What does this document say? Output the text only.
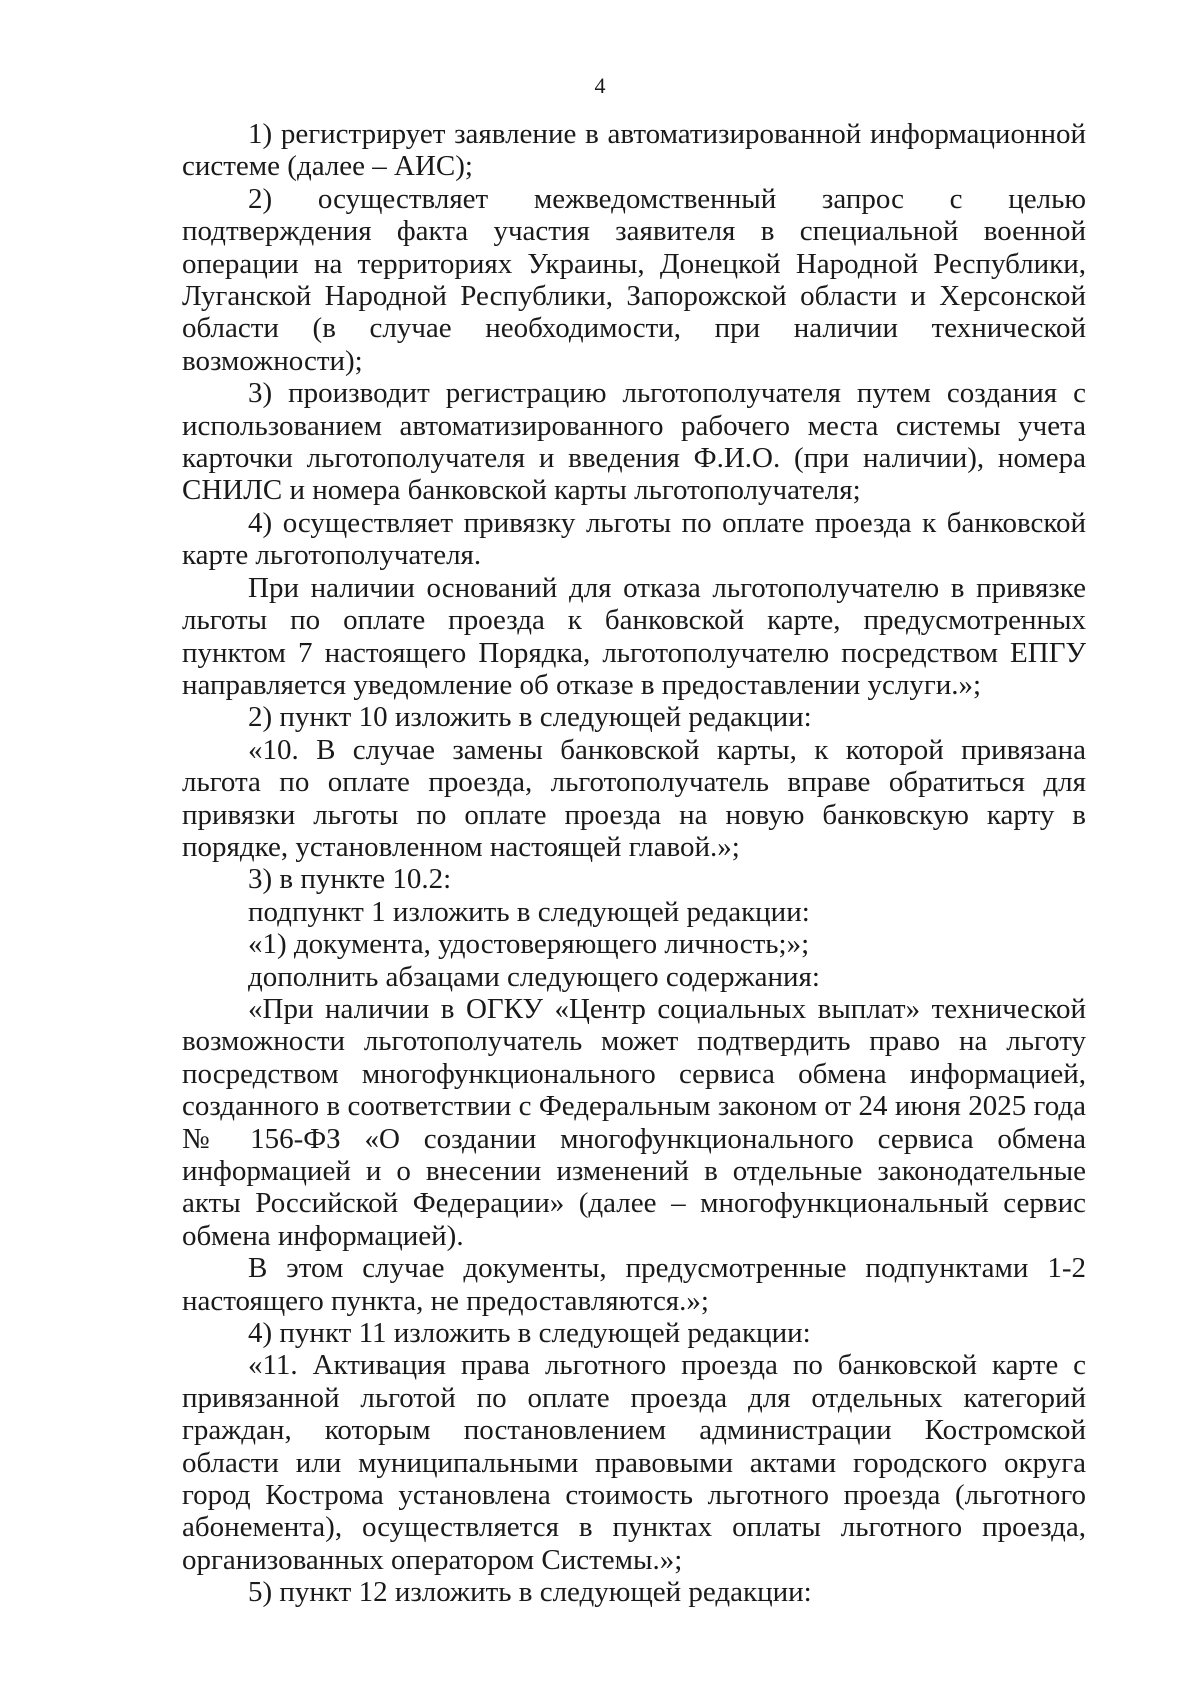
4

1) регистрирует заявление в автоматизированной информационной системе (далее – АИС);

2) осуществляет межведомственный запрос с целью подтверждения факта участия заявителя в специальной военной операции на территориях Украины, Донецкой Народной Республики, Луганской Народной Республики, Запорожской области и Херсонской области (в случае необходимости, при наличии технической возможности);

3) производит регистрацию льготополучателя путем создания с использованием автоматизированного рабочего места системы учета карточки льготополучателя и введения Ф.И.О. (при наличии), номера СНИЛС и номера банковской карты льготополучателя;

4) осуществляет привязку льготы по оплате проезда к банковской карте льготополучателя.

При наличии оснований для отказа льготополучателю в привязке льготы по оплате проезда к банковской карте, предусмотренных пунктом 7 настоящего Порядка, льготополучателю посредством ЕПГУ направляется уведомление об отказе в предоставлении услуги.»;

2) пункт 10 изложить в следующей редакции:

«10. В случае замены банковской карты, к которой привязана льгота по оплате проезда, льготополучатель вправе обратиться для привязки льготы по оплате проезда на новую банковскую карту в порядке, установленном настоящей главой.»;

3) в пункте 10.2:

подпункт 1 изложить в следующей редакции:

«1) документа, удостоверяющего личность;»;

дополнить абзацами следующего содержания:

«При наличии в ОГКУ «Центр социальных выплат» технической возможности льготополучатель может подтвердить право на льготу посредством многофункционального сервиса обмена информацией, созданного в соответствии с Федеральным законом от 24 июня 2025 года № 156-ФЗ «О создании многофункционального сервиса обмена информацией и о внесении изменений в отдельные законодательные акты Российской Федерации» (далее – многофункциональный сервис обмена информацией).

В этом случае документы, предусмотренные подпунктами 1-2 настоящего пункта, не предоставляются.»;

4) пункт 11 изложить в следующей редакции:

«11. Активация права льготного проезда по банковской карте с привязанной льготой по оплате проезда для отдельных категорий граждан, которым постановлением администрации Костромской области или муниципальными правовыми актами городского округа город Кострома установлена стоимость льготного проезда (льготного абонемента), осуществляется в пунктах оплаты льготного проезда, организованных оператором Системы.»;

5) пункт 12 изложить в следующей редакции:
